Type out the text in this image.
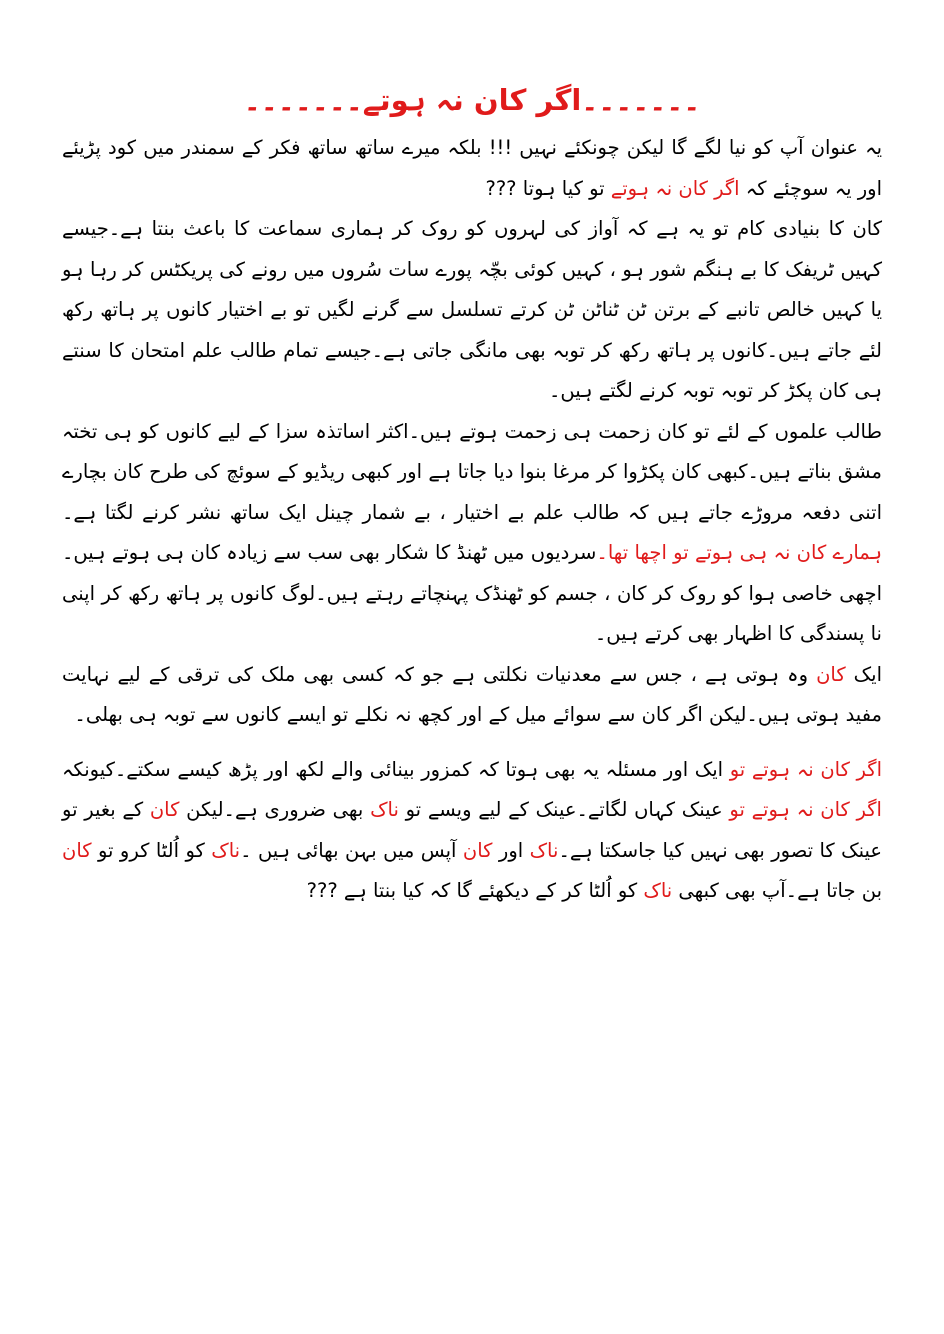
۔۔۔۔۔۔۔اگر کان نہ ہوتے۔۔۔۔۔۔۔

یہ عنوان آپ کو نیا لگے گا لیکن چونکئے نہیں !!! بلکہ میرے ساتھ ساتھ فکر کے سمندر میں کود پڑیئے اور یہ سوچئے کہ اگر کان نہ ہوتے تو کیا ہوتا ???

کان کا بنیادی کام تو یہ ہے کہ آواز کی لہروں کو روک کر ہماری سماعت کا باعث بنتا ہے۔جیسے کہیں ٹریفک کا بے ہنگم شور ہو ، کہیں کوئی بچّہ پورے سات سُروں میں رونے کی پریکٹس کر رہا ہو یا کہیں خالص تانبے کے برتن ٹن ٹناٹن ٹن کرتے تسلسل سے گرنے لگیں تو بے اختیار کانوں پر ہاتھ رکھ لئے جاتے ہیں۔کانوں پر ہاتھ رکھ کر توبہ بھی مانگی جاتی ہے۔جیسے تمام طالب علم امتحان کا سنتے ہی کان پکڑ کر توبہ توبہ کرنے لگتے ہیں۔

طالب علموں کے لئے تو کان زحمت ہی زحمت ہوتے ہیں۔اکثر اساتذہ سزا کے لیے کانوں کو ہی تختہ مشق بناتے ہیں۔کبھی کان پکڑوا کر مرغا بنوا دیا جاتا ہے اور کبھی ریڈیو کے سوئچ کی طرح کان بچارے اتنی دفعہ مروڑے جاتے ہیں کہ طالب علم بے اختیار ، بے شمار چینل ایک ساتھ نشر کرنے لگتا ہے۔ہمارے کان نہ ہی ہوتے تو اچھا تھا۔سردیوں میں ٹھنڈ کا شکار بھی سب سے زیادہ کان ہی ہوتے ہیں۔اچھی خاصی ہوا کو روک کر کان ، جسم کو ٹھنڈک پہنچاتے رہتے ہیں۔لوگ کانوں پر ہاتھ رکھ کر اپنی نا پسندگی کا اظہار بھی کرتے ہیں۔

ایک کان وہ ہوتی ہے ، جس سے معدنیات نکلتی ہے جو کہ کسی بھی ملک کی ترقی کے لیے نہایت مفید ہوتی ہیں۔لیکن اگر کان سے سوائے میل کے اور کچھ نہ نکلے تو ایسے کانوں سے توبہ ہی بھلی۔

اگر کان نہ ہوتے تو ایک اور مسئلہ یہ بھی ہوتا کہ کمزور بینائی والے لکھ اور پڑھ کیسے سکتے۔کیونکہ اگر کان نہ ہوتے تو عینک کہاں لگاتے۔عینک کے لیے ویسے تو ناک بھی ضروری ہے۔لیکن کان کے بغیر تو عینک کا تصور بھی نہیں کیا جاسکتا ہے۔ناک اور کان آپس میں بہن بھائی ہیں ۔ناک کو اُلٹا کرو تو کان بن جاتا ہے۔آپ بھی کبھی ناک کو اُلٹا کر کے دیکھئے گا کہ کیا بنتا ہے ???
